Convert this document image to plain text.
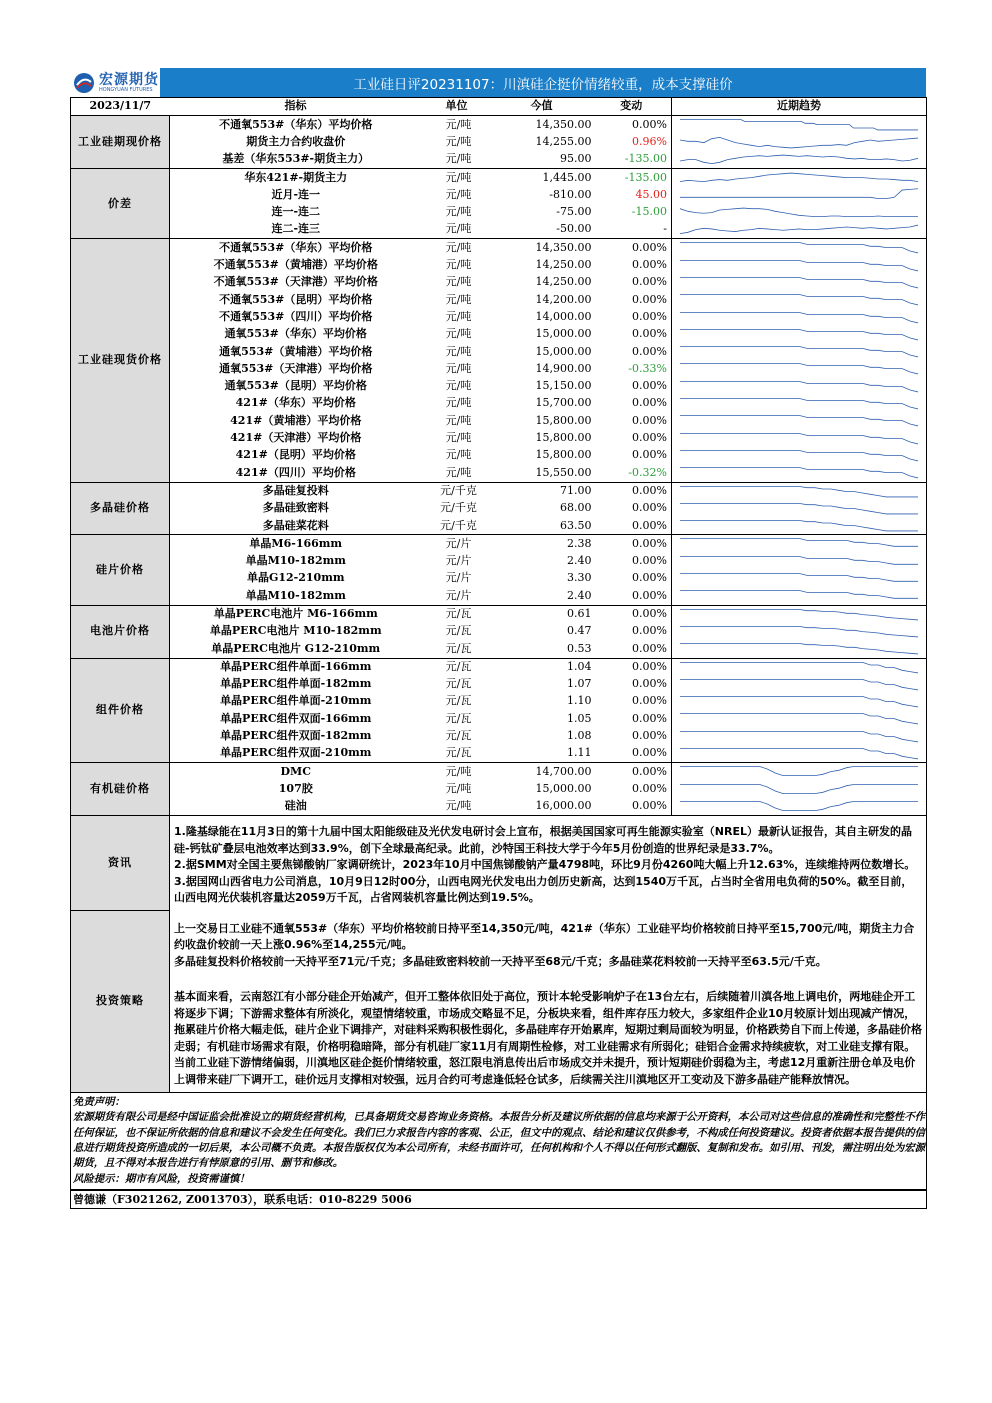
宏源期货
HONGYUAN FUTURES	工业硅日评20231107：川滇硅企挺价情绪较重，成本支撑硅价
2023/11/7	指标	单位	今值	变动	近期趋势
工业硅期现价格	不通氧553#（华东）平均价格	元/吨	14,350.00	0.00%	

	期货主力合约收盘价	元/吨	14,255.00	0.96%	

	基差（华东553#-期货主力）	元/吨	95.00	-135.00	

价差	华东421#-期货主力	元/吨	1,445.00	-135.00	

	近月-连一	元/吨	-810.00	45.00	

	连一-连二	元/吨	-75.00	-15.00	

	连二-连三	元/吨	-50.00	-	

工业硅现货价格	不通氧553#（华东）平均价格	元/吨	14,350.00	0.00%	

	不通氧553#（黄埔港）平均价格	元/吨	14,250.00	0.00%	

	不通氧553#（天津港）平均价格	元/吨	14,250.00	0.00%	

	不通氧553#（昆明）平均价格	元/吨	14,200.00	0.00%	

	不通氧553#（四川）平均价格	元/吨	14,000.00	0.00%	

	通氧553#（华东）平均价格	元/吨	15,000.00	0.00%	

	通氧553#（黄埔港）平均价格	元/吨	15,000.00	0.00%	

	通氧553#（天津港）平均价格	元/吨	14,900.00	-0.33%	

	通氧553#（昆明）平均价格	元/吨	15,150.00	0.00%	

	421#（华东）平均价格	元/吨	15,700.00	0.00%	

	421#（黄埔港）平均价格	元/吨	15,800.00	0.00%	

	421#（天津港）平均价格	元/吨	15,800.00	0.00%	

	421#（昆明）平均价格	元/吨	15,800.00	0.00%	

	421#（四川）平均价格	元/吨	15,550.00	-0.32%	

多晶硅价格	多晶硅复投料	元/千克	71.00	0.00%	

	多晶硅致密料	元/千克	68.00	0.00%	

	多晶硅菜花料	元/千克	63.50	0.00%	

硅片价格	单晶M6-166mm	元/片	2.38	0.00%	

	单晶M10-182mm	元/片	2.40	0.00%	

	单晶G12-210mm	元/片	3.30	0.00%	

	单晶M10-182mm	元/片	2.40	0.00%	

电池片价格	单晶PERC电池片 M6-166mm	元/瓦	0.61	0.00%	

	单晶PERC电池片 M10-182mm	元/瓦	0.47	0.00%	

	单晶PERC电池片 G12-210mm	元/瓦	0.53	0.00%	

组件价格	单晶PERC组件单面-166mm	元/瓦	1.04	0.00%	

	单晶PERC组件单面-182mm	元/瓦	1.07	0.00%	

	单晶PERC组件单面-210mm	元/瓦	1.10	0.00%	

	单晶PERC组件双面-166mm	元/瓦	1.05	0.00%	

	单晶PERC组件双面-182mm	元/瓦	1.08	0.00%	

	单晶PERC组件双面-210mm	元/瓦	1.11	0.00%	

有机硅价格	DMC	元/吨	14,700.00	0.00%	

	107胶	元/吨	15,000.00	0.00%	

	硅油	元/吨	16,000.00	0.00%	
资讯	1.隆基绿能在11月3日的第十九届中国太阳能级硅及光伏发电研讨会上宣布，根据美国国家可再生能源实验室（NREL）最新认证报告，其自主研发的晶硅-钙钛矿叠层电池效率达到33.9%，创下全球最高纪录。此前，沙特国王科技大学于今年5月份创造的世界纪录是33.7%。

2.据SMM对全国主要焦锑酸钠厂家调研统计，2023年10月中国焦锑酸钠产量4798吨，环比9月份4260吨大幅上升12.63%，连续维持两位数增长。

3.据国网山西省电力公司消息，10月9日12时00分，山西电网光伏发电出力创历史新高，达到1540万千瓦，占当时全省用电负荷的50%。截至目前，山西电网光伏装机容量达2059万千瓦，占省网装机容量比例达到19.5%。

投资策略	上一交易日工业硅不通氧553#（华东）平均价格较前日持平至14,350元/吨，421#（华东）工业硅平均价格较前日持平至15,700元/吨，期货主力合约收盘价较前一天上涨0.96%至14,255元/吨。

多晶硅复投料价格较前一天持平至71元/千克；多晶硅致密料较前一天持平至68元/千克；多晶硅菜花料较前一天持平至63.5元/千克。

基本面来看，云南怒江有小部分硅企开始减产，但开工整体依旧处于高位，预计本轮受影响炉子在13台左右，后续随着川滇各地上调电价，两地硅企开工将逐步下调；下游需求整体有所淡化，观望情绪较重，市场成交略显不足，分板块来看，组件库存压力较大，多家组件企业10月较原计划出现减产情况，拖累硅片价格大幅走低，硅片企业下调排产，对硅料采购积极性弱化，多晶硅库存开始累库，短期过剩局面较为明显，价格跌势自下而上传递，多晶硅价格走弱；有机硅市场需求有限，价格明稳暗降，部分有机硅厂家11月有周期性检修，对工业硅需求有所弱化；硅铝合金需求持续疲软，对工业硅支撑有限。

当前工业硅下游情绪偏弱，川滇地区硅企挺价情绪较重，怒江限电消息传出后市场成交并未提升，预计短期硅价弱稳为主，考虑12月重新注册仓单及电价上调带来硅厂下调开工，硅价远月支撑相对较强，远月合约可考虑逢低轻仓试多，后续需关注川滇地区开工变动及下游多晶硅产能释放情况。

免责声明：

宏源期货有限公司是经中国证监会批准设立的期货经营机构，已具备期货交易咨询业务资格。本报告分析及建议所依据的信息均来源于公开资料，本公司对这些信息的准确性和完整性不作任何保证，也不保证所依据的信息和建议不会发生任何变化。我们已力求报告内容的客观、公正，但文中的观点、结论和建议仅供参考，不构成任何投资建议。投资者依据本报告提供的信息进行期货投资所造成的一切后果，本公司概不负责。本报告版权仅为本公司所有，未经书面许可，任何机构和个人不得以任何形式翻版、复制和发布。如引用、刊发，需注明出处为宏源期货，且不得对本报告进行有悖原意的引用、删节和修改。

风险提示：期市有风险，投资需谨慎！

曾德谦（F3021262, Z0013703），联系电话：010-8229 5006
